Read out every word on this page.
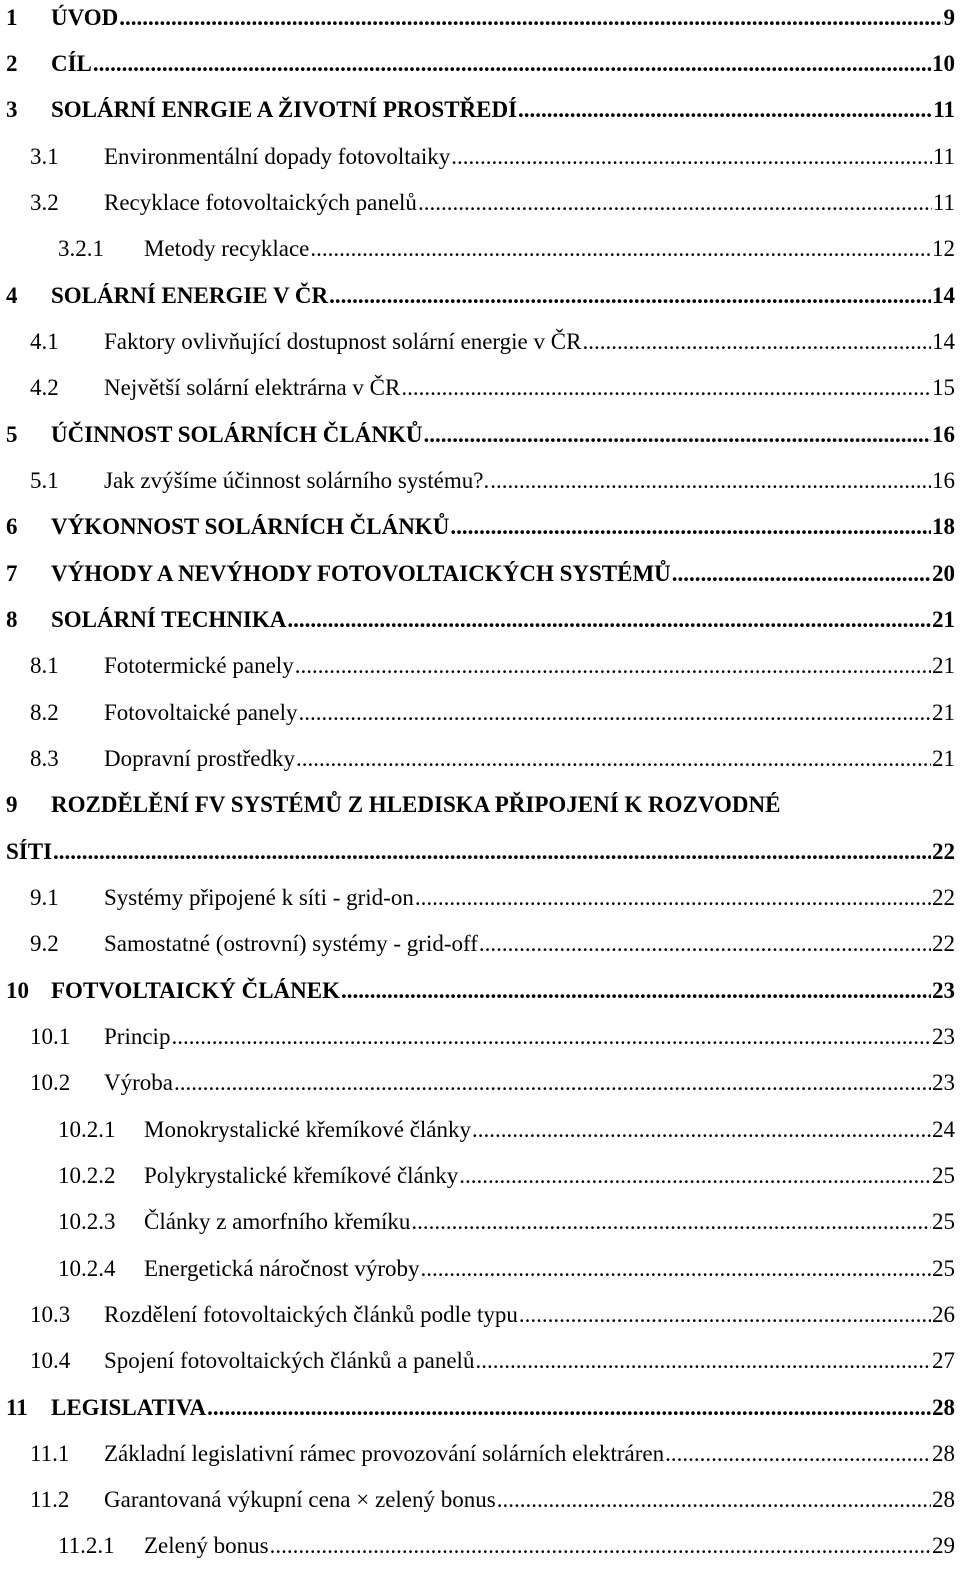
1	ÚVOD .....	9
2	CÍL .....	10
3	SOLÁRNÍ ENRGIE A ŽIVOTNÍ PROSTŘEDÍ .....	11
3.1	Environmentální dopady fotovoltaiky .....	11
3.2	Recyklace fotovoltaických panelů .....	11
3.2.1	Metody recyklace .....	12
4	SOLÁRNÍ ENERGIE V ČR .....	14
4.1	Faktory ovlivňující dostupnost solární energie v ČR .....	14
4.2	Největší solární elektrárna v ČR .....	15
5	ÚČINNOST SOLÁRNÍCH ČLÁNKŮ .....	16
5.1	Jak zvýšíme účinnost solárního systému?. .....	16
6	VÝKONNOST SOLÁRNÍCH ČLÁNKŮ .....	18
7	VÝHODY A NEVÝHODY FOTOVOLTAICKÝCH SYSTÉMŮ .....	20
8	SOLÁRNÍ TECHNIKA .....	21
8.1	Fototermické panely .....	21
8.2	Fotovoltaické panely .....	21
8.3	Dopravní prostředky .....	21
9	ROZDĚLĚNÍ FV SYSTÉMŮ Z HLEDISKA PŘIPOJENÍ K ROZVODNÉ
SÍTI .....	22
9.1	Systémy připojené k síti - grid-on .....	22
9.2	Samostatné (ostrovní) systémy - grid-off .....	22
10 FOTVOLTAICKÝ ČLÁNEK .....	23
10.1	Princip .....	23
10.2	Výroba .....	23
10.2.1	Monokrystalické křemíkové články .....	24
10.2.2	Polykrystalické křemíkové články .....	25
10.2.3	Články z amorfního křemíku .....	25
10.2.4	Energetická náročnost výroby .....	25
10.3	Rozdělení fotovoltaických článků podle typu .....	26
10.4	Spojení fotovoltaických článků a panelů .....	27
11	LEGISLATIVA .....	28
11.1	Základní legislativní rámec provozování solárních elektráren .....	28
11.2	Garantovaná výkupní cena × zelený bonus .....	28
11.2.1	Zelený bonus .....	29
